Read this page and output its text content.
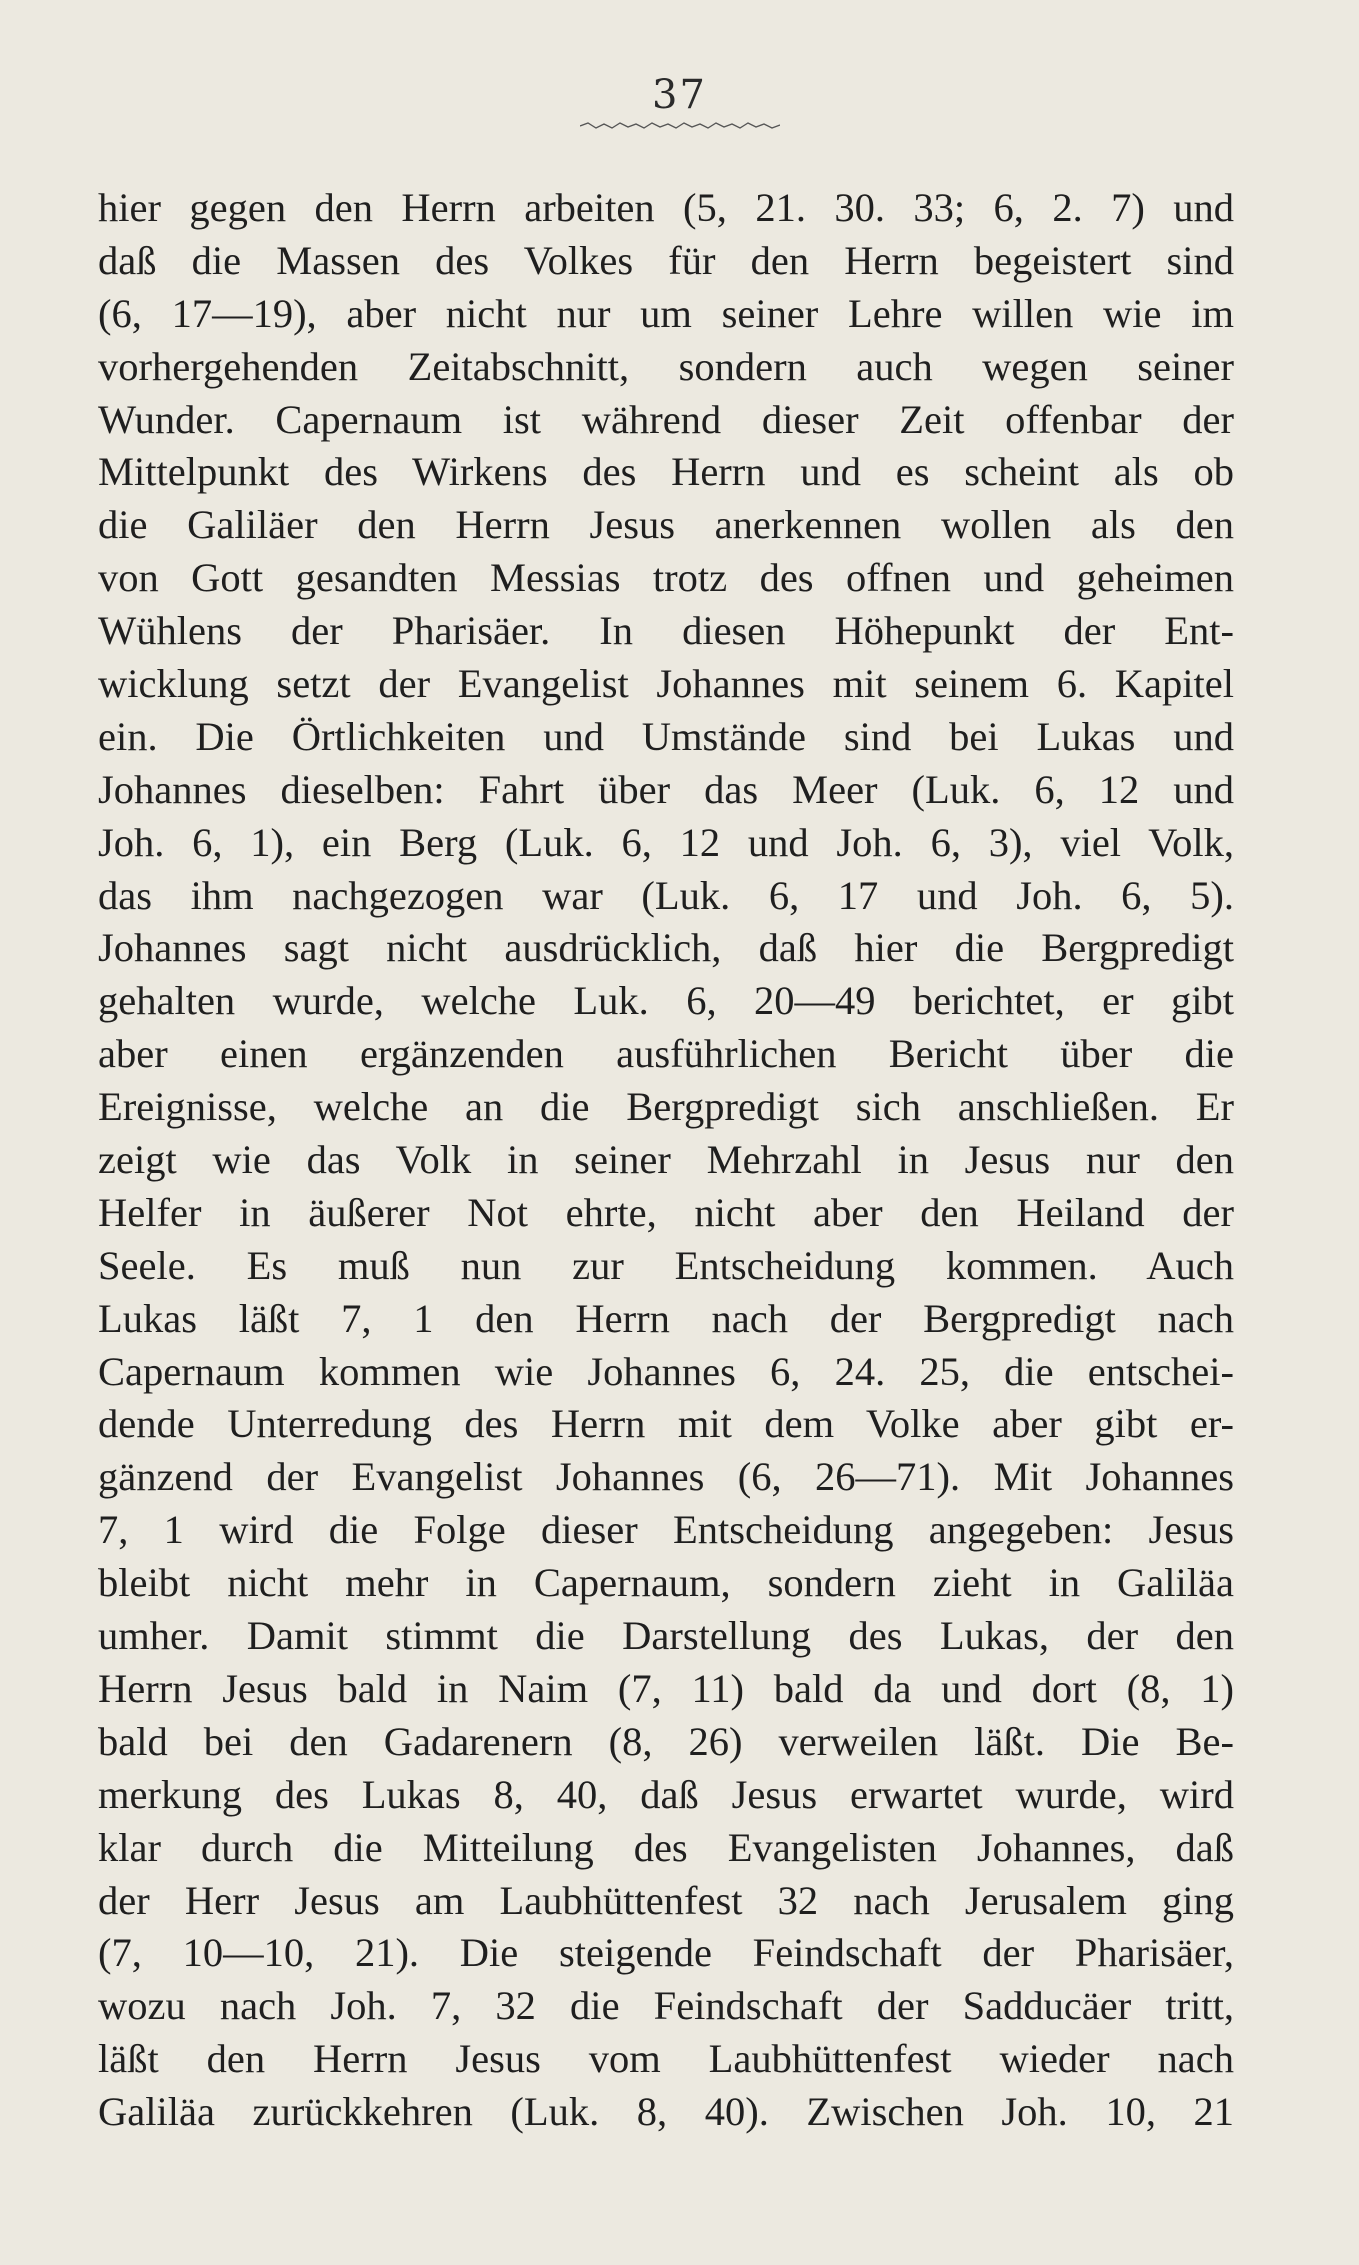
37
hier gegen den Herrn arbeiten (5, 21. 30. 33; 6, 2. 7) und
daß die Massen des Volkes für den Herrn begeistert sind
(6, 17—19), aber nicht nur um seiner Lehre willen wie im
vorhergehenden Zeitabschnitt, sondern auch wegen seiner
Wunder. Capernaum ist während dieser Zeit offenbar der
Mittelpunkt des Wirkens des Herrn und es scheint als ob
die Galiläer den Herrn Jesus anerkennen wollen als den
von Gott gesandten Messias trotz des offnen und geheimen
Wühlens der Pharisäer. In diesen Höhepunkt der Ent-
wicklung setzt der Evangelist Johannes mit seinem 6. Kapitel
ein. Die Örtlichkeiten und Umstände sind bei Lukas und
Johannes dieselben: Fahrt über das Meer (Luk. 6, 12 und
Joh. 6, 1), ein Berg (Luk. 6, 12 und Joh. 6, 3), viel Volk,
das ihm nachgezogen war (Luk. 6, 17 und Joh. 6, 5).
Johannes sagt nicht ausdrücklich, daß hier die Bergpredigt
gehalten wurde, welche Luk. 6, 20—49 berichtet, er gibt
aber einen ergänzenden ausführlichen Bericht über die
Ereignisse, welche an die Bergpredigt sich anschließen. Er
zeigt wie das Volk in seiner Mehrzahl in Jesus nur den
Helfer in äußerer Not ehrte, nicht aber den Heiland der
Seele. Es muß nun zur Entscheidung kommen. Auch
Lukas läßt 7, 1 den Herrn nach der Bergpredigt nach
Capernaum kommen wie Johannes 6, 24. 25, die entschei-
dende Unterredung des Herrn mit dem Volke aber gibt er-
gänzend der Evangelist Johannes (6, 26—71). Mit Johannes
7, 1 wird die Folge dieser Entscheidung angegeben: Jesus
bleibt nicht mehr in Capernaum, sondern zieht in Galiläa
umher. Damit stimmt die Darstellung des Lukas, der den
Herrn Jesus bald in Naim (7, 11) bald da und dort (8, 1)
bald bei den Gadarenern (8, 26) verweilen läßt. Die Be-
merkung des Lukas 8, 40, daß Jesus erwartet wurde, wird
klar durch die Mitteilung des Evangelisten Johannes, daß
der Herr Jesus am Laubhüttenfest 32 nach Jerusalem ging
(7, 10—10, 21). Die steigende Feindschaft der Pharisäer,
wozu nach Joh. 7, 32 die Feindschaft der Sadducäer tritt,
läßt den Herrn Jesus vom Laubhüttenfest wieder nach
Galiläa zurückkehren (Luk. 8, 40). Zwischen Joh. 10, 21
